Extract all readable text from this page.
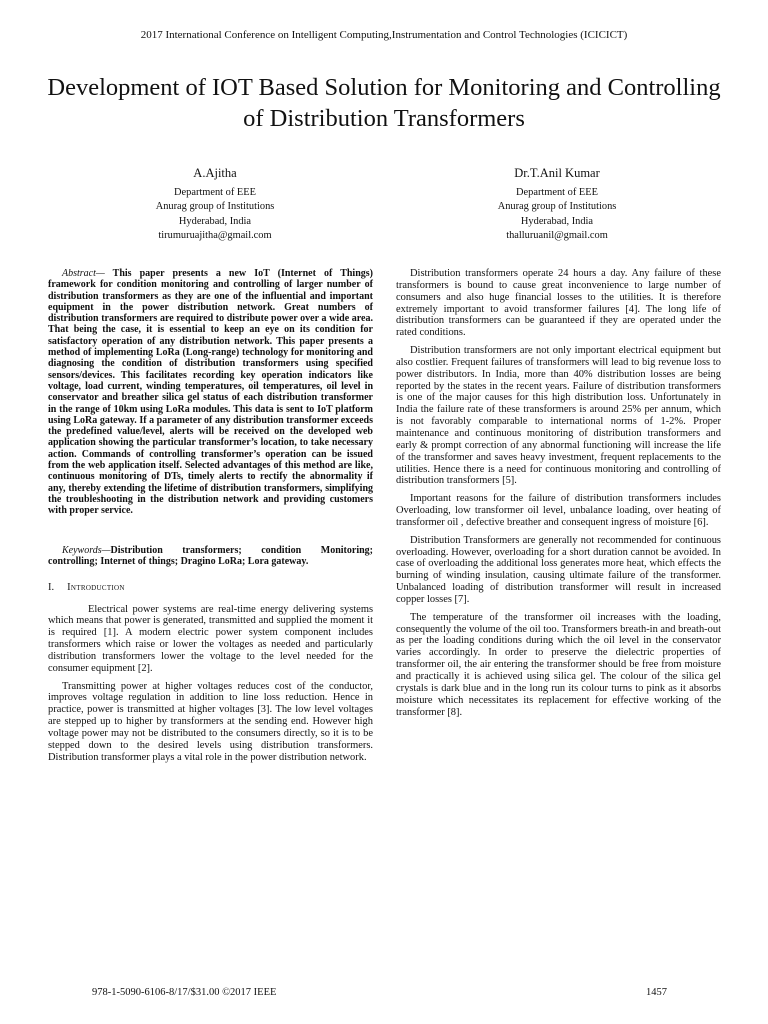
2017 International Conference on Intelligent Computing,Instrumentation and Control Technologies (ICICICT)
Development of IOT Based Solution for Monitoring and Controlling of Distribution Transformers
A.Ajitha
Department of EEE
Anurag group of Institutions
Hyderabad, India
tirumuruajitha@gmail.com
Dr.T.Anil Kumar
Department of EEE
Anurag group of Institutions
Hyderabad, India
thalluruanil@gmail.com

Abstract— This paper presents a new IoT (Internet of Things) framework for condition monitoring and controlling of larger number of distribution transformers as they are one of the influential and important equipment in the power distribution network. Great numbers of distribution transformers are required to distribute power over a wide area. That being the case, it is essential to keep an eye on its condition for satisfactory operation of any distribution network. This paper presents a method of implementing LoRa (Long-range) technology for monitoring and diagnosing the condition of distribution transformers using specified sensors/devices. This facilitates recording key operation indicators like voltage, load current, winding temperatures, oil temperatures, oil level in conservator and breather silica gel status of each distribution transformer in the range of 10km using LoRa modules. This data is sent to IoT platform using LoRa gateway. If a parameter of any distribution transformer exceeds the predefined value/level, alerts will be received on the developed web application showing the particular transformer’s location, to take necessary action. Commands of controlling transformer’s operation can be issued from the web application itself. Selected advantages of this method are like, continuous monitoring of DTs, timely alerts to rectify the abnormality if any, thereby extending the lifetime of distribution transformers, simplifying the troubleshooting in the distribution network and providing customers with proper service.

Keywords—Distribution transformers; condition Monitoring; controlling; Internet of things; Dragino LoRa; Lora gateway.

I. Introduction

Electrical power systems are real-time energy delivering systems which means that power is generated, transmitted and supplied the moment it is required [1]. A modern electric power system component includes transformers which raise or lower the voltages as needed and particularly distribution transformers lower the voltage to the level needed for the consumer equipment [2].

Transmitting power at higher voltages reduces cost of the conductor, improves voltage regulation in addition to line loss reduction. Hence in practice, power is transmitted at higher voltages [3]. The low level voltages are stepped up to higher by transformers at the sending end. However high voltage power may not be distributed to the consumers directly, so it is to be stepped down to the desired levels using distribution transformers. Distribution transformer plays a vital role in the power distribution network.

Distribution transformers operate 24 hours a day. Any failure of these transformers is bound to cause great inconvenience to large number of consumers and also huge financial losses to the utilities. It is therefore extremely important to avoid transformer failures [4]. The long life of distribution transformers can be guaranteed if they are operated under the rated conditions.

Distribution transformers are not only important electrical equipment but also costlier. Frequent failures of transformers will lead to big revenue loss to power distributors. In India, more than 40% distribution losses are being reported by the states in the recent years. Failure of distribution transformers is one of the major causes for this high distribution loss. Unfortunately in India the failure rate of these transformers is around 25% per annum, which is not favorably comparable to international norms of 1-2%. Proper maintenance and continuous monitoring of distribution transformers and early & prompt correction of any abnormal functioning will increase the life of the transformer and saves heavy investment, frequent replacements to the utilities. Hence there is a need for continuous monitoring and controlling of distribution transformers [5].

Important reasons for the failure of distribution transformers includes Overloading, low transformer oil level, unbalance loading, over heating of transformer oil , defective breather and consequent ingress of moisture [6].

Distribution Transformers are generally not recommended for continuous overloading. However, overloading for a short duration cannot be avoided. In case of overloading the additional loss generates more heat, which effects the burning of winding insulation, causing ultimate failure of the transformer. Unbalanced loading of distribution transformer will result in increased copper losses [7].

The temperature of the transformer oil increases with the loading, consequently the volume of the oil too. Transformers breath-in and breath-out as per the loading conditions during which the oil level in the conservator varies accordingly. In order to preserve the dielectric properties of transformer oil, the air entering the transformer should be free from moisture and practically it is achieved using silica gel. The colour of the silica gel crystals is dark blue and in the long run its colour turns to pink as it absorbs moisture which necessitates its replacement for effective working of the transformer [8].

978-1-5090-6106-8/17/$31.00 ©2017 IEEE	1457
